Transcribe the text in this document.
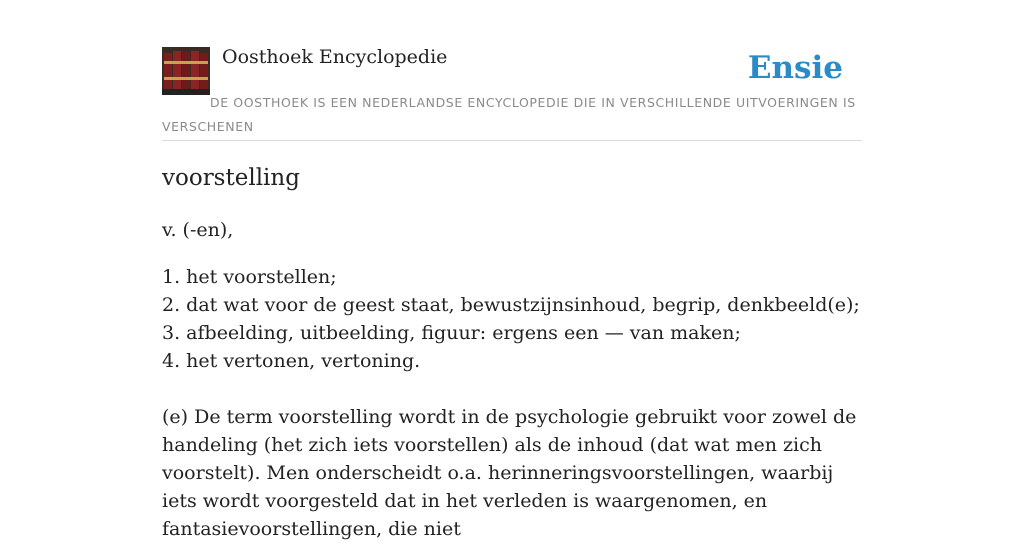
Oosthoek Encyclopedie	Ensie

DE OOSTHOEK IS EEN NEDERLANDSE ENCYCLOPEDIE DIE IN VERSCHILLENDE UITVOERINGEN IS VERSCHENEN

voorstelling

v. (-en),

1. het voorstellen;
2. dat wat voor de geest staat, bewustzijnsinhoud, begrip, denkbeeld(e);
3. afbeelding, uitbeelding, figuur: ergens een — van maken;
4. het vertonen, vertoning.

(e) De term voorstelling wordt in de psychologie gebruikt voor zowel de handeling (het zich iets voorstellen) als de inhoud (dat wat men zich voorstelt). Men onderscheidt o.a. herinneringsvoorstellingen, waarbij iets wordt voorgesteld dat in het verleden is waargenomen, en fantasievoorstellingen, die niet
